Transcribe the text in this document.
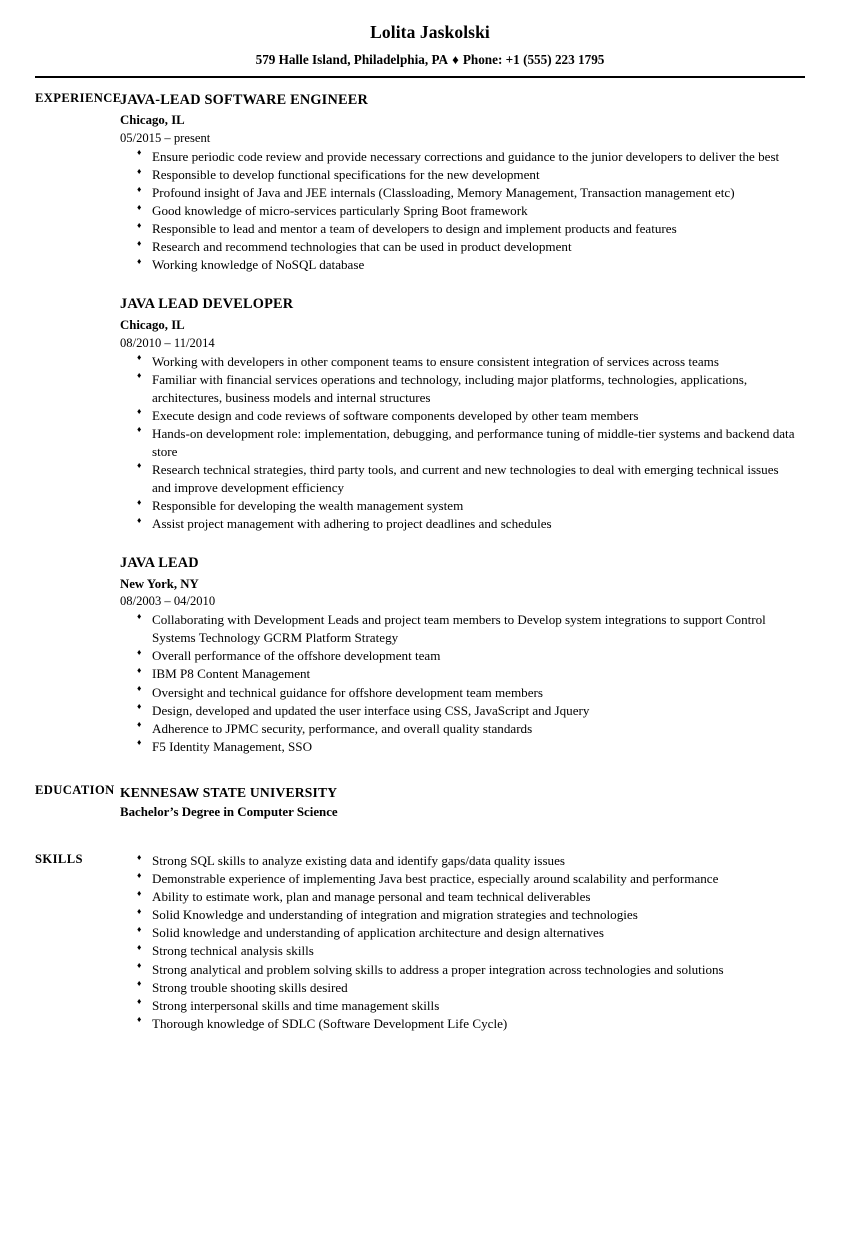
Lolita Jaskolski
579 Halle Island, Philadelphia, PA ♦ Phone: +1 (555) 223 1795
EXPERIENCE
JAVA-LEAD SOFTWARE ENGINEER
Chicago, IL
05/2015 – present
♦ Ensure periodic code review and provide necessary corrections and guidance to the junior developers to deliver the best
♦ Responsible to develop functional specifications for the new development
♦ Profound insight of Java and JEE internals (Classloading, Memory Management, Transaction management etc)
♦ Good knowledge of micro-services particularly Spring Boot framework
♦ Responsible to lead and mentor a team of developers to design and implement products and features
♦ Research and recommend technologies that can be used in product development
♦ Working knowledge of NoSQL database
JAVA LEAD DEVELOPER
Chicago, IL
08/2010 – 11/2014
♦ Working with developers in other component teams to ensure consistent integration of services across teams
♦ Familiar with financial services operations and technology, including major platforms, technologies, applications, architectures, business models and internal structures
♦ Execute design and code reviews of software components developed by other team members
♦ Hands-on development role: implementation, debugging, and performance tuning of middle-tier systems and backend data store
♦ Research technical strategies, third party tools, and current and new technologies to deal with emerging technical issues and improve development efficiency
♦ Responsible for developing the wealth management system
♦ Assist project management with adhering to project deadlines and schedules
JAVA LEAD
New York, NY
08/2003 – 04/2010
♦ Collaborating with Development Leads and project team members to Develop system integrations to support Control Systems Technology GCRM Platform Strategy
♦ Overall performance of the offshore development team
♦ IBM P8 Content Management
♦ Oversight and technical guidance for offshore development team members
♦ Design, developed and updated the user interface using CSS, JavaScript and Jquery
♦ Adherence to JPMC security, performance, and overall quality standards
♦ F5 Identity Management, SSO
EDUCATION KENNESAW STATE UNIVERSITY
Bachelor’s Degree in Computer Science
SKILLS	♦ Strong SQL skills to analyze existing data and identify gaps/data quality issues
♦ Demonstrable experience of implementing Java best practice, especially around scalability and performance
♦ Ability to estimate work, plan and manage personal and team technical deliverables
♦ Solid Knowledge and understanding of integration and migration strategies and technologies
♦ Solid knowledge and understanding of application architecture and design alternatives
♦ Strong technical analysis skills
♦ Strong analytical and problem solving skills to address a proper integration across technologies and solutions
♦ Strong trouble shooting skills desired
♦ Strong interpersonal skills and time management skills
♦ Thorough knowledge of SDLC (Software Development Life Cycle)
